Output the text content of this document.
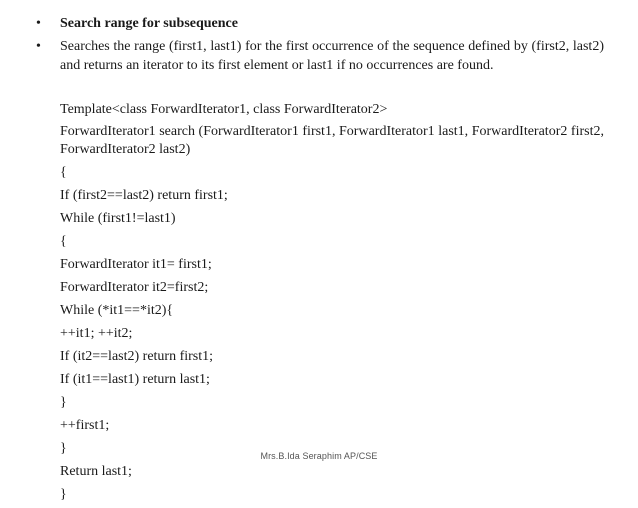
• Search range for subsequence
• Searches the range (first1, last1) for the first occurrence of the sequence defined by (first2, last2) and returns an iterator to its first element or last1 if no occurrences are found.
Template<class ForwardIterator1, class ForwardIterator2>
ForwardIterator1 search (ForwardIterator1 first1, ForwardIterator1 last1, ForwardIterator2 first2, ForwardIterator2 last2)
{
If (first2==last2) return first1;
While (first1!=last1)
{
ForwardIterator it1= first1;
ForwardIterator it2=first2;
While (*it1==*it2){
++it1; ++it2;
If (it2==last2) return first1;
If (it1==last1) return last1;
}
++first1;
}
Return last1;
}
Mrs.B.Ida Seraphim AP/CSE
